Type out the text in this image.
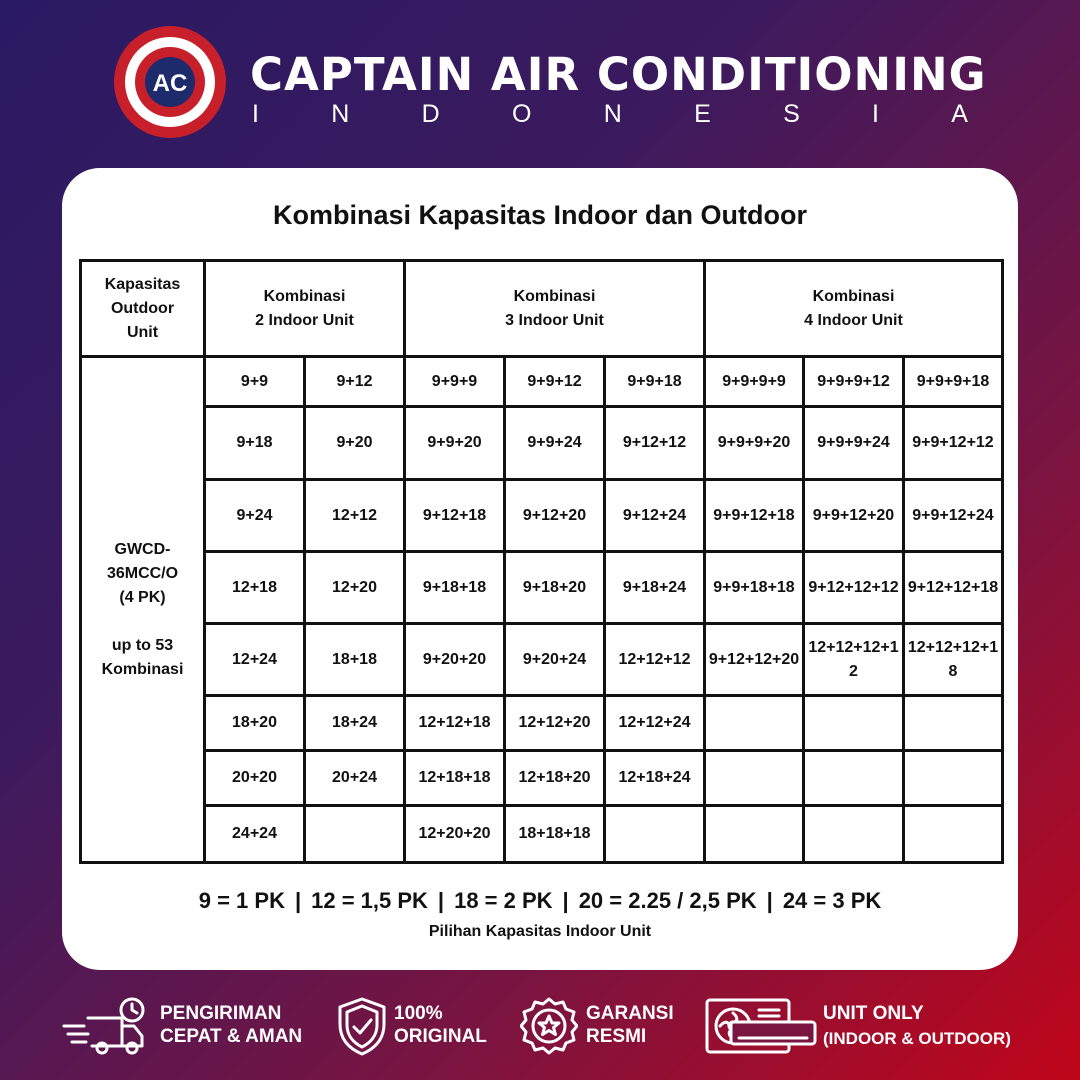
AC CAPTAIN AIR CONDITIONING
I	N	D	O	N	E	S	I	A
Kombinasi Kapasitas Indoor dan Outdoor
Kapasitas
Outdoor
Unit	Kombinasi
2 Indoor Unit		Kombinasi
3 Indoor Unit			Kombinasi
4 Indoor Unit		
GWCD-
36MCC/O
(4 PK)

up to 53
Kombinasi	9+9	9+12	9+9+9	9+9+12	9+9+18	9+9+9+9	9+9+9+12	9+9+9+18
	9+18	9+20	9+9+20	9+9+24	9+12+12	9+9+9+20	9+9+9+24	9+9+12+12
	9+24	12+12	9+12+18	9+12+20	9+12+24	9+9+12+18	9+9+12+20	9+9+12+24
	12+18	12+20	9+18+18	9+18+20	9+18+24	9+9+18+18	9+12+12+12	9+12+12+18
	12+24	18+18	9+20+20	9+20+24	12+12+12	9+12+12+20	12+12+12+12	12+12+12+18
	18+20	18+24	12+12+18	12+12+20	12+12+24			
	20+20	20+24	12+18+18	12+18+20	12+18+24			
	24+24		12+20+20	18+18+18				
9 = 1 PK | 12 = 1,5 PK | 18 = 2 PK | 20 = 2.25 / 2,5 PK | 24 = 3 PK
Pilihan Kapasitas Indoor Unit
PENGIRIMAN
CEPAT & AMAN
100%
ORIGINAL
GARANSI
RESMI
UNIT ONLY
(INDOOR & OUTDOOR)
